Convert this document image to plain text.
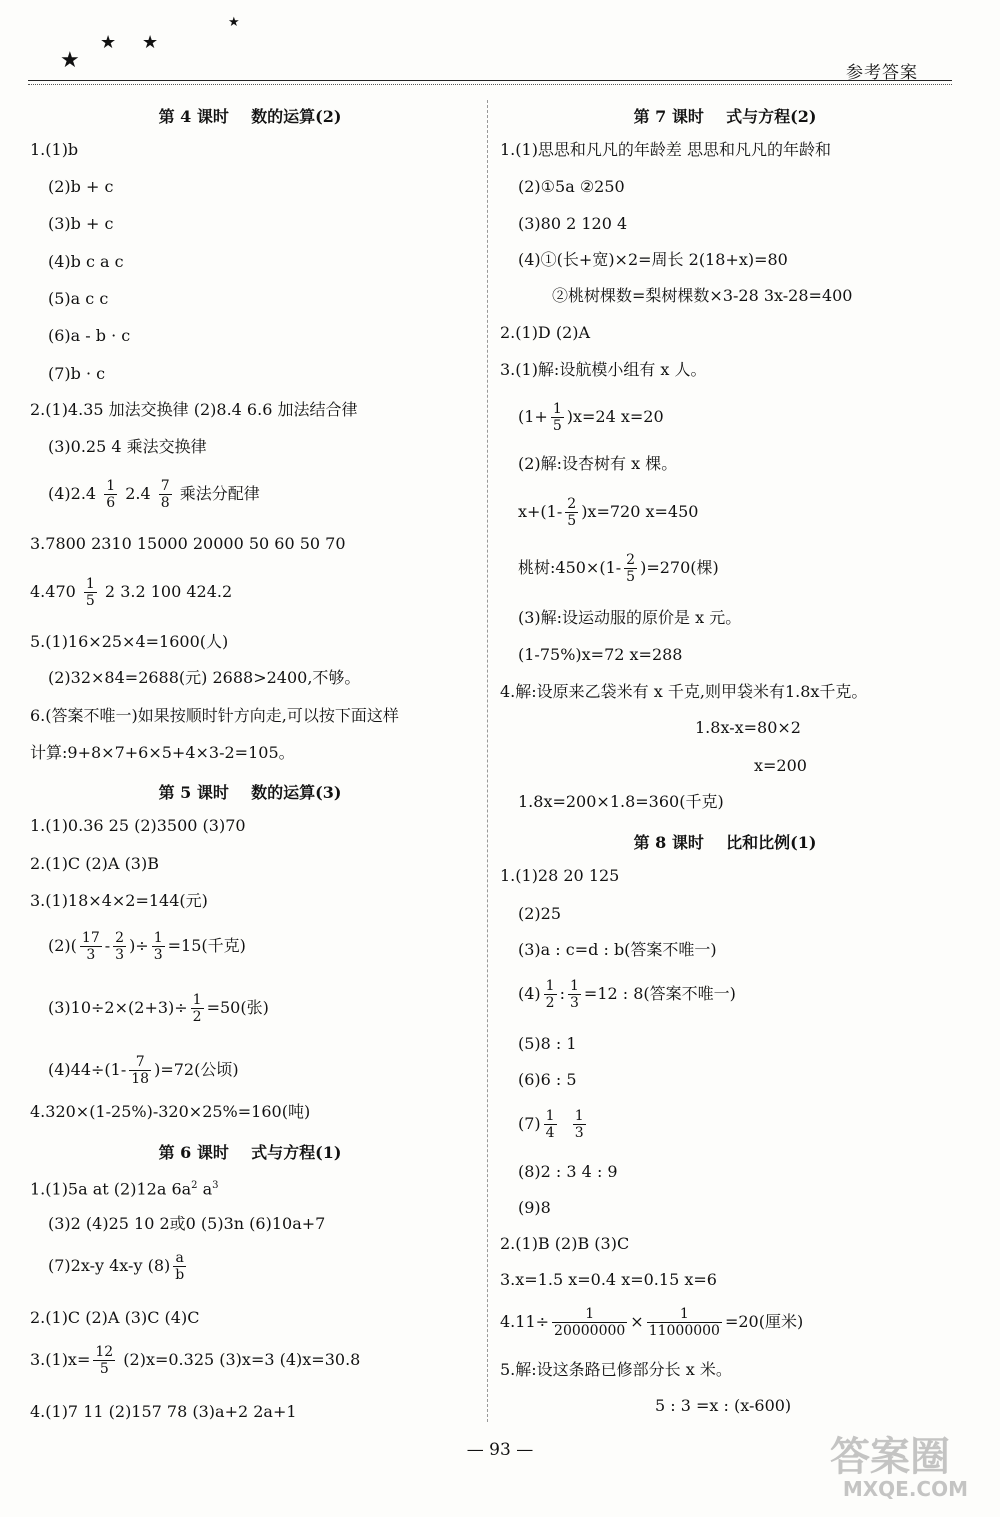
★
★ ★
★
参考答案
第 4 课时    数的运算(2)
1.(1)b
(2)b + c
(3)b + c
(4)b c a c
(5)a c c
(6)a - b · c
(7)b · c
2.(1)4.35 加法交换律 (2)8.4 6.6 加法结合律
(3)0.25 4 乘法交换律
$(4)2.4 \frac{1}{6} 2.4 \frac{7}{8}$ 乘法分配律
3.7800 2310 15000 20000 50 60 50 70
$4.470 \frac{1}{5} 2$ 3.2 100 424.2
5.(1)16×25×4=1600(人)
(2)32×84=2688(元) 2688>2400,不够。
6.(答案不唯一)如果按顺时针方向走,可以按下面这样
计算:9+8×7+6×5+4×3-2=105。
第 5 课时    数的运算(3)
1.(1)0.36 25 (2)3500 (3)70
2.(1)C (2)A (3)B
3.(1)18×4×2=144(元)
$(2)( \frac{17}{3} - \frac{2}{3}$ )÷ $\frac{1}{3} =15$(千克)
$(3)10\div 2\times(2+3)\div \frac{1}{2} =50$(张)
$(4)44\div(1- \frac{7}{18} )=72$(公顷)
4.320×(1-25%)-320×25%=160(吨)
第 6 课时    式与方程(1)
1.(1)5a at (2)12a $6a^2$ $a^3$
(3)2 (4)25 10 2或0 (5)3n (6)10a+7
(7)2x-y 4x-y $(8) \frac{a}{b}$
2.(1)C (2)A (3)C (4)C
$3.(1)x= \frac{12}{5} (2)x=0.325$ (3)x=3 (4)x=30.8
4.(1)7 11 (2)157 78 (3)a+2 2a+1
第 7 课时    式与方程(2)
1.(1)思思和凡凡的年龄差 思思和凡凡的年龄和
(2)①5a ②250
(3)80 2 120 4
(4)①(长+宽)×2=周长 2(18+x)=80
②桃树棵数=梨树棵数×3-28 3x-28=400
2.(1)D (2)A
3.(1)解:设航模小组有 x 人。
$(1+ \frac{1}{5} )x=24$ x=20
(2)解:设杏树有 x 棵。
$x+(1- \frac{2}{5} )x=720$ x=450
桃树:450×(1- $\frac{2}{5} )=270$(棵)
(3)解:设运动服的原价是 x 元。
(1-75%)x=72 x=288
4.解:设原来乙袋米有 x 千克,则甲袋米有1.8x千克。
1.8x-x=80×2
x=200
1.8x=200×1.8=360(千克)
第 8 课时    比和比例(1)
1.(1)28 20 125
(2)25
(3)a : c=d : b(答案不唯一)
$(4) \frac{1}{2}$ : $\frac{1}{3} =12$ : 8(答案不唯一)
(5)8 : 1
(6)6 : 5
$(7) \frac{1}{4}$
$\frac{1}{3}$
(8)2 : 3 4 : 9
(9)8
2.(1)B (2)B (3)C
3.x=1.5 x=0.4 x=0.15 x=6
$4.11\div \frac{1}{20000000} \times \frac{1}{11000000} =20$(厘米)
5.解:设这条路已修部分长 x 米。
5 : 3 =x : (x-600)
— 93 —	答案圈
MXQE.COM
